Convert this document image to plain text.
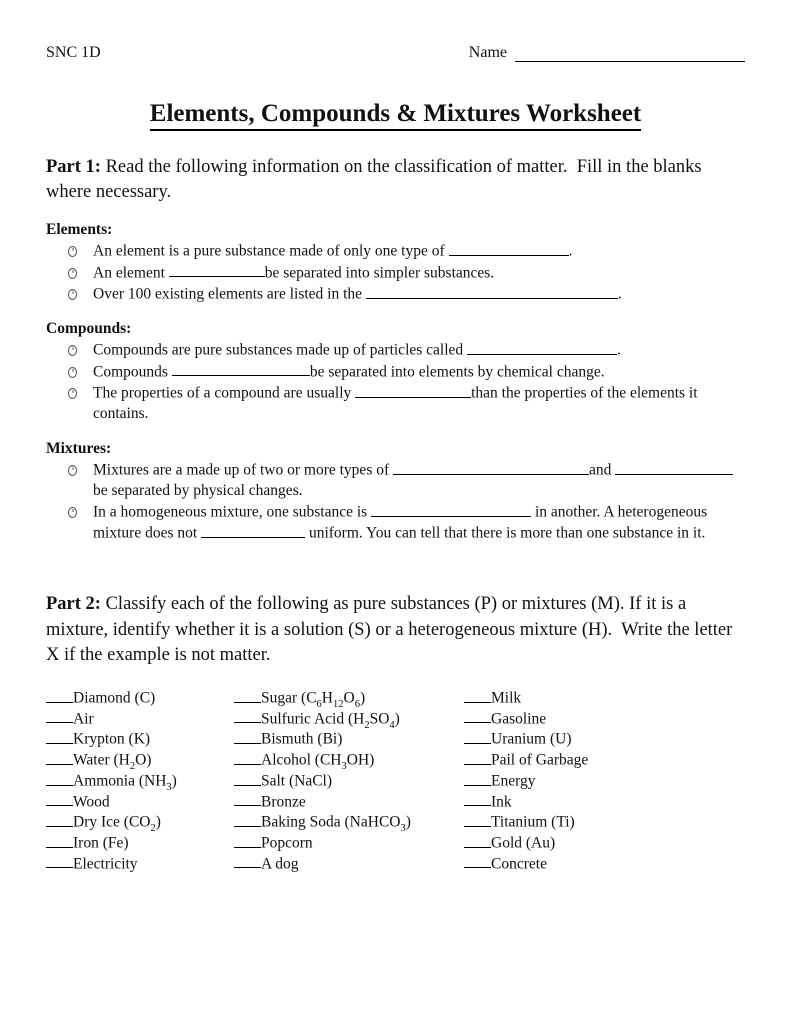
SNC 1D	Name
Elements, Compounds & Mixtures Worksheet

Part 1: Read the following information on the classification of matter.  Fill in the blanks where necessary.

Elements:
An element is a pure substance made of only one type of	.
An element	be separated into simpler substances.
Over 100 existing elements are listed in the	.
Compounds:
Compounds are pure substances made up of particles called	.
Compounds	be separated into elements by chemical change.
The properties of a compound are usually	than the properties of the elements it contains.
Mixtures:
Mixtures are a made up of two or more types of	and  be separated by physical changes.
In a homogeneous mixture, one substance is	in another. A heterogeneous mixture does not	uniform. You can tell that there is more than one substance in it.

Part 2: Classify each of the following as pure substances (P) or mixtures (M). If it is a mixture, identify whether it is a solution (S) or a heterogeneous mixture (H).  Write the letter X if the example is not matter.

Diamond (C)
Air
Krypton (K)
Water $(H_2O)$
Ammonia $(NH_3)$
Wood
Dry Ice $(CO_2)$
Iron (Fe)
Electricity
Sugar $(C_6H_{12}O_6)$
Sulfuric Acid $(H_2SO_4)$
Bismuth (Bi)
Alcohol $(CH_3OH)$
Salt (NaCl)
Bronze
Baking Soda (NaHCO$_3$)
Popcorn
A dog
Milk
Gasoline
Uranium (U)
Pail of Garbage
Energy
Ink
Titanium (Ti)
Gold (Au)
Concrete
